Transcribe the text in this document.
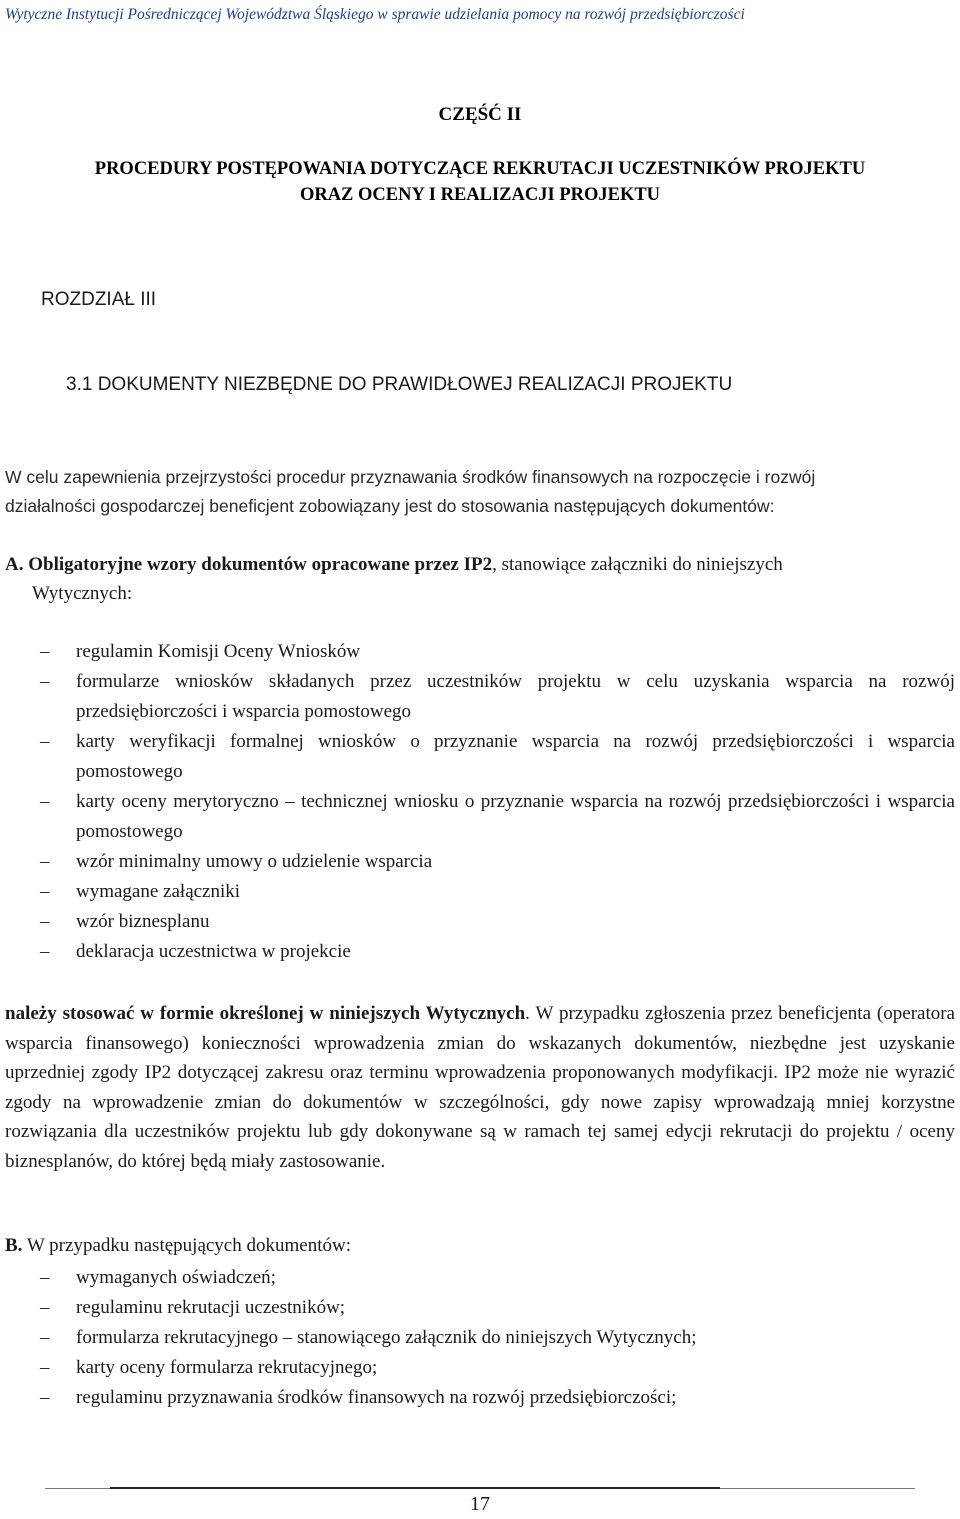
Wytyczne Instytucji Pośredniczącej Województwa Śląskiego w sprawie udzielania pomocy na rozwój przedsiębiorczości
CZĘŚĆ II
PROCEDURY POSTĘPOWANIA DOTYCZĄCE REKRUTACJI UCZESTNIKÓW PROJEKTU
ORAZ OCENY I REALIZACJI PROJEKTU
ROZDZIAŁ III
3.1 DOKUMENTY NIEZBĘDNE DO PRAWIDŁOWEJ REALIZACJI PROJEKTU
W celu zapewnienia przejrzystości procedur przyznawania środków finansowych na rozpoczęcie i rozwój
działalności gospodarczej beneficjent zobowiązany jest do stosowania następujących dokumentów:
A. Obligatoryjne wzory dokumentów opracowane przez IP2, stanowiące załączniki do niniejszych
Wytycznych:
– regulamin Komisji Oceny Wniosków
– formularze wniosków składanych przez uczestników projektu w celu uzyskania wsparcia na rozwój przedsiębiorczości i wsparcia pomostowego
– karty weryfikacji formalnej wniosków o przyznanie wsparcia na rozwój przedsiębiorczości i wsparcia pomostowego
– karty oceny merytoryczno – technicznej wniosku o przyznanie wsparcia na rozwój przedsiębiorczości i wsparcia pomostowego
– wzór minimalny umowy o udzielenie wsparcia
– wymagane załączniki
– wzór biznesplanu
– deklaracja uczestnictwa w projekcie
należy stosować w formie określonej w niniejszych Wytycznych. W przypadku zgłoszenia przez beneficjenta (operatora wsparcia finansowego) konieczności wprowadzenia zmian do wskazanych dokumentów, niezbędne jest uzyskanie uprzedniej zgody IP2 dotyczącej zakresu oraz terminu wprowadzenia proponowanych modyfikacji. IP2 może nie wyrazić zgody na wprowadzenie zmian do dokumentów w szczególności, gdy nowe zapisy wprowadzają mniej korzystne rozwiązania dla uczestników projektu lub gdy dokonywane są w ramach tej samej edycji rekrutacji do projektu / oceny biznesplanów, do której będą miały zastosowanie.
B. W przypadku następujących dokumentów:
– wymaganych oświadczeń;
– regulaminu rekrutacji uczestników;
– formularza rekrutacyjnego – stanowiącego załącznik do niniejszych Wytycznych;
– karty oceny formularza rekrutacyjnego;
– regulaminu przyznawania środków finansowych na rozwój przedsiębiorczości;
17
